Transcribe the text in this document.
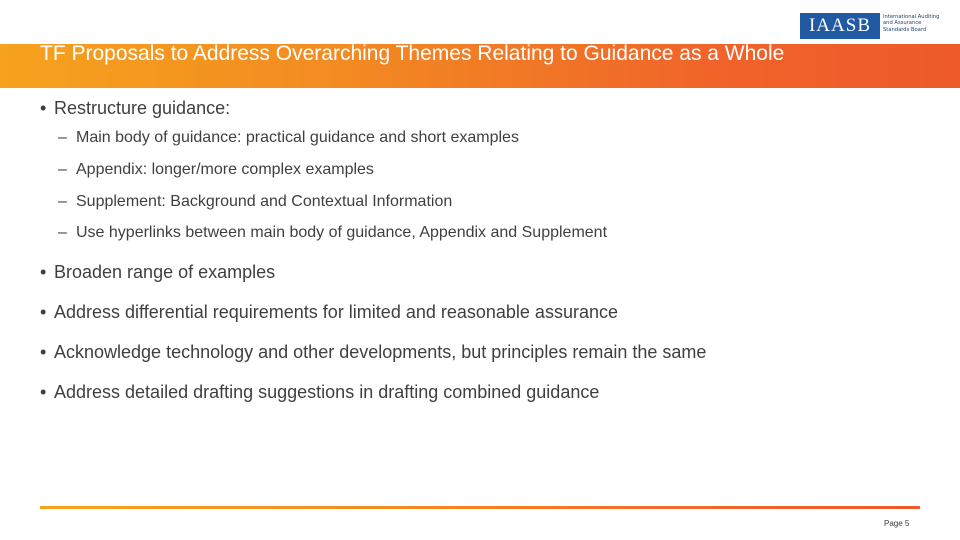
TF Proposals to Address Overarching Themes Relating to Guidance as a Whole
IAASB	International Auditing
and Assurance
Standards Board
• Restructure guidance:
– Main body of guidance: practical guidance and short examples
– Appendix: longer/more complex examples
– Supplement: Background and Contextual Information
– Use hyperlinks between main body of guidance, Appendix and Supplement
• Broaden range of examples
• Address differential requirements for limited and reasonable assurance
• Acknowledge technology and other developments, but principles remain the same
• Address detailed drafting suggestions in drafting combined guidance
Page 5
